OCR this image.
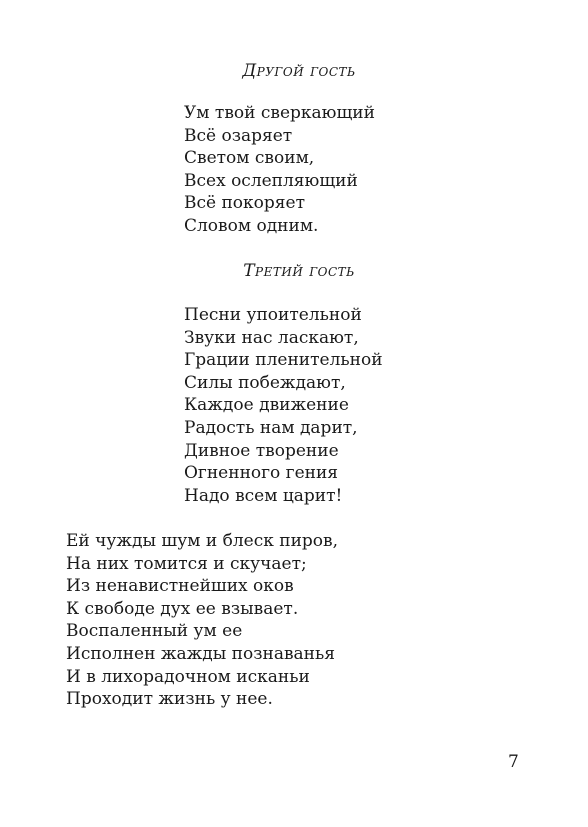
Другой гость
Ум твой сверкающий
Всё озаряет
Светом своим,
Всех ослепляющий
Всё покоряет
Словом одним.
Третий гость
Песни упоительной
Звуки нас ласкают,
Грации пленительной
Силы побеждают,
Каждое движение
Радость нам дарит,
Дивное творение
Огненного гения
Надо всем царит!
Ей чужды шум и блеск пиров,
На них томится и скучает;
Из ненавистнейших оков
К свободе дух ее взывает.
Воспаленный ум ее
Исполнен жажды познаванья
И в лихорадочном исканьи
Проходит жизнь у нее.
7
